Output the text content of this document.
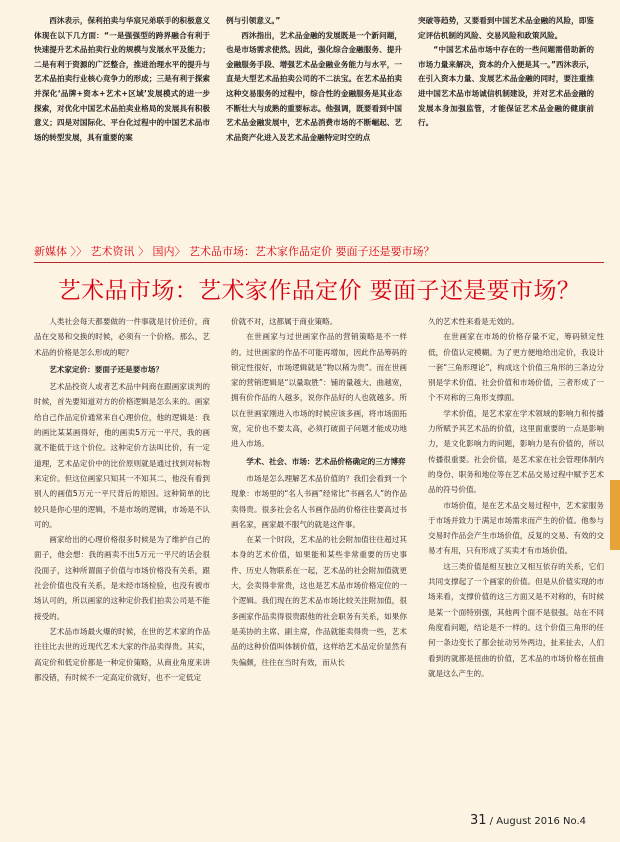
西沐表示，保利拍卖与华宸兄弟联手的积极意义体现在以下几方面：“一是强强型的跨界融合有利于快速提升艺术品拍卖行业的规模与发展水平及能力；二是有利于资源的广泛整合，推进治理水平的提升与艺术品拍卖行业核心竞争力的形成；三是有利于探索并深化‘品牌+资本+艺术+区域’发展模式的进一步探索，对优化中国艺术品拍卖业格局的发展具有积极意义；四是对国际化、平台化过程中的中国艺术品市场的转型发展，具有重要的案

例与引领意义。”

西沐指出，艺术品金融的发展既是一个新问题，也是市场需求使然。因此，强化综合金融服务、提升金融服务手段、增强艺术品金融业务能力与水平，一直是大型艺术品拍卖公司的不二法宝。在艺术品拍卖这种交易服务的过程中，综合性的金融服务是其业态不断壮大与成熟的重要标志。他强调，既要看到中国艺术品金融发展中，艺术品消费市场的不断崛起、艺术品资产化进入及艺术品金融特定时空的点

突破等趋势，又要看到中国艺术品金融的风险，即鉴定评估机制的风险、交易风险和政策风险。

“中国艺术品市场中存在的一些问题需借助新的市场力量来解决，资本的介入便是其一。”西沐表示，在引入资本力量、发展艺术品金融的同时，要注重推进中国艺术品市场诚信机制建设，并对艺术品金融的发展本身加强监管，才能保证艺术品金融的健康前行。

新媒体 〉〉 艺术资讯 〉 国内〉 艺术品市场：艺术家作品定价 要面子还是要市场？
艺术品市场：艺术家作品定价 要面子还是要市场？

人类社会每天都要做的一件事就是讨价还价，商品在交易和交换的时候，必须有一个价格。那么，艺术品的价格是怎么形成的呢？

艺术家定价：要面子还是要市场？

艺术品投资人或者艺术品中间商在跟画家谈判的时候，首先要知道对方的价格逻辑是怎么来的。画家给自己作品定价通常来自心理价位，他的逻辑是：我的画比某某画得好，他的画卖5万元一平尺，我的画就不能低于这个价位。这种定价方法叫比价，有一定道理，艺术品定价中的比价原则就是通过找到对标物来定价。但这位画家只知其一不知其二，他没有看到别人的画值5万元一平尺背后的原因。这种简单的比较只是你心里的逻辑，不是市场的逻辑，市场是不认可的。

画家给出的心理价格很多时候是为了维护自己的面子，他会想：我的画卖不出5万元一平尺的话会很没面子，这种所谓面子价值与市场价格没有关系，跟社会价值也没有关系，是未经市场检验，也没有被市场认可的，所以画家的这种定价我们拍卖公司是不能接受的。

艺术品市场最火爆的时候，在世的艺术家的作品往往比去世的近现代艺术大家的作品卖得贵。其实，高定价和低定价都是一种定价策略，从商业角度来讲都没错，有时候不一定高定价就好，也不一定低定

价就不对，这都属于商业策略。

在世画家与过世画家作品的营销策略是不一样的。过世画家的作品不可能再增加，因此作品筹码的锁定性很好，市场逻辑就是“物以稀为贵”。而在世画家的营销逻辑是“以量取胜”：铺的量越大、曲越宽，拥有价作品的人越多，说你作品好的人也就越多。所以在世画家刚进入市场的时候应该多画，将市场面拓宽，定价也不要太高，必须打破面子问题才能成功地进入市场。

学术、社会、市场：艺术品价格确定的三方博弈

市场是怎么理解艺术品价值的？我们会看到一个现象：市场里的“名人书画”经常比“书画名人”的作品卖得贵。很多社会名人书画作品的价格往往要高过书画名家，画家最不服气的就是这件事。

在某一个时段，艺术品的社会附加值往往超过其本身的艺术价值，如果能和某些非常重要的历史事件、历史人物联系在一起，艺术品的社会附加值就更大，会卖得非常贵，这也是艺术品市场价格定位的一个逻辑。我们现在的艺术品市场比较关注附加值，很多画家作品卖得很贵跟他的社会职务有关系，如果你是美协的主席、副主席，作品就能卖得贵一些，艺术品的这种价值叫体制价值，这样给艺术品定价显然有失偏颇，往往在当时有效，而从长

久的艺术性来看是无效的。

在世画家在市场的价格存量不定，筹码锁定性低，价值认定模糊。为了更方便地给出定价，我设计一套“三角形理论”，构成这个价值三角形的三条边分别是学术价值、社会价值和市场价值，三者形成了一个不对称的三角形支撑面。

学术价值，是艺术家在学术领域的影响力和传播力所赋予其艺术品的价值，这里面重要的一点是影响力，是文化影响力的问题，影响力是有价值的，所以传播很重要。社会价值，是艺术家在社会管理体制内的身份、职务和地位等在艺术品交易过程中赋予艺术品的符号价值。

市场价值，是在艺术品交易过程中，艺术家服务于市场并致力于满足市场需求而产生的价值。他参与交易时作品会产生市场价值，反复的交易、有效的交易才有用，只有形成了买卖才有市场价值。

这三类价值是相互独立又相互依存的关系，它们共同支撑起了一个画家的价值。但是从价值实现的市场来看，支撑价值的这三方面又是不对称的，有时候是某一个面特别强，其他两个面不是很强。站在不同角度看问题，结论是不一样的。这个价值三角形的任何一条边变长了都会扯动另外两边，扯来扯去，人们看到的就都是扭曲的价值，艺术品的市场价格在扭曲就是这么产生的。

31 / August 2016 No.4
